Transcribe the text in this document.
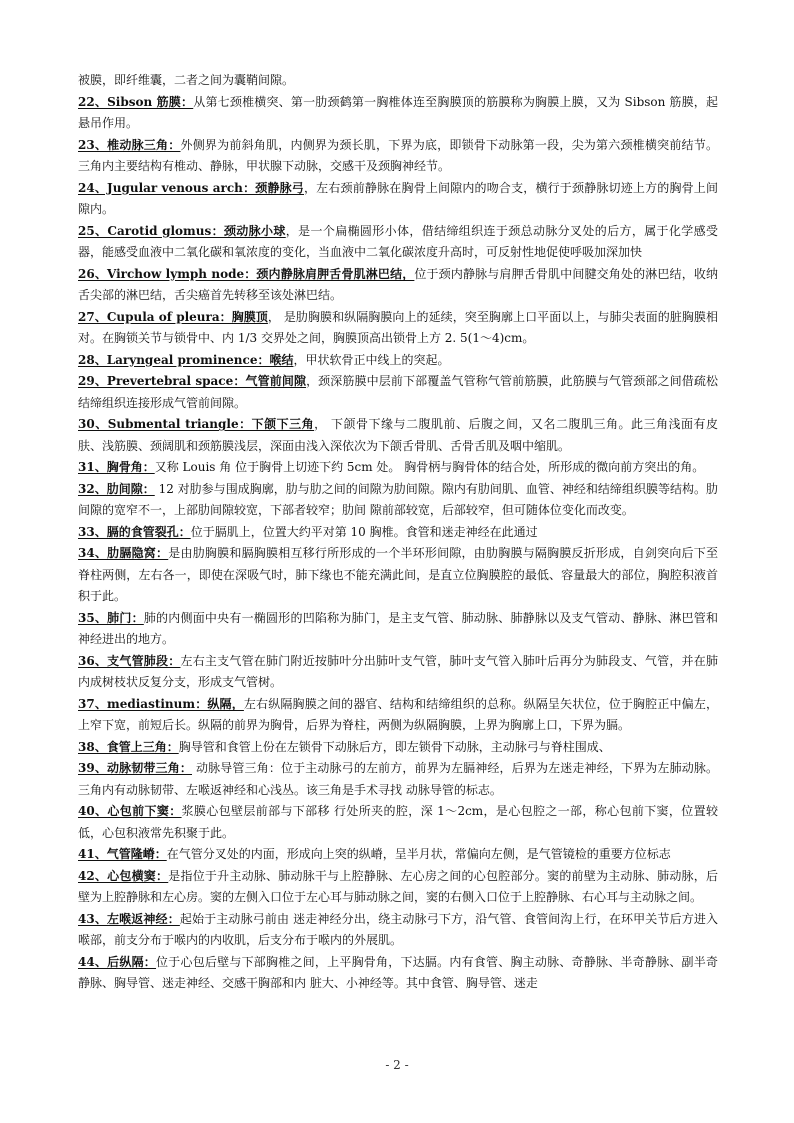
被膜，即纤维囊，二者之间为囊鞘间隙。

22、Sibson 筋膜：从第七颈椎横突、第一肋颈鹤第一胸椎体连至胸膜顶的筋膜称为胸膜上膜，又为 Sibson 筋膜，起悬吊作用。

23、椎动脉三角：外侧界为前斜角肌，内侧界为颈长肌，下界为底，即锁骨下动脉第一段，尖为第六颈椎横突前结节。三角内主要结构有椎动、静脉，甲状腺下动脉，交感干及颈胸神经节。

24、Jugular venous arch：颈静脉弓，左右颈前静脉在胸骨上间隙内的吻合支，横行于颈静脉切迹上方的胸骨上间隙内。

25、Carotid glomus：颈动脉小球，是一个扁椭圆形小体，借结缔组织连于颈总动脉分叉处的后方，属于化学感受器，能感受血液中二氧化碳和氧浓度的变化，当血液中二氧化碳浓度升高时，可反射性地促使呼吸加深加快

26、Virchow lymph node：颈内静脉肩胛舌骨肌淋巴结，位于颈内静脉与肩胛舌骨肌中间腱交角处的淋巴结，收纳舌尖部的淋巴结，舌尖癌首先转移至该处淋巴结。

27、Cupula of pleura：胸膜顶， 是肋胸膜和纵隔胸膜向上的延续，突至胸廓上口平面以上，与肺尖表面的脏胸膜相对。在胸锁关节与锁骨中、内 1/3 交界处之间，胸膜顶高出锁骨上方 2. 5(1～4)cm。

28、Laryngeal prominence：喉结，甲状软骨正中线上的突起。

29、Prevertebral space：气管前间隙，颈深筋膜中层前下部覆盖气管称气管前筋膜，此筋膜与气管颈部之间借疏松结缔组织连接形成气管前间隙。

30、Submental triangle：下颌下三角， 下颌骨下缘与二腹肌前、后腹之间，又名二腹肌三角。此三角浅面有皮肤、浅筋膜、颈阔肌和颈筋膜浅层，深面由浅入深依次为下颌舌骨肌、舌骨舌肌及咽中缩肌。

31、胸骨角：又称 Louis 角 位于胸骨上切迹下约 5cm 处。 胸骨柄与胸骨体的结合处，所形成的微向前方突出的角。

32、肋间隙： 12 对肋参与围成胸廓，肋与肋之间的间隙为肋间隙。隙内有肋间肌、血管、神经和结缔组织膜等结构。肋间隙的宽窄不一，上部肋间隙较宽，下部者较窄；肋间 隙前部较宽，后部较窄，但可随体位变化而改变。

33、膈的食管裂孔：位于膈肌上，位置大约平对第 10 胸椎。食管和迷走神经在此通过

34、肋膈隐窝：是由肋胸膜和膈胸膜相互移行所形成的一个半环形间隙，由肋胸膜与隔胸膜反折形成，自剑突向后下至脊柱两侧，左右各一，即使在深吸气时，肺下缘也不能充满此间，是直立位胸膜腔的最低、容量最大的部位，胸腔积液首积于此。

35、肺门：肺的内侧面中央有一椭圆形的凹陷称为肺门，是主支气管、肺动脉、肺静脉以及支气管动、静脉、淋巴管和神经进出的地方。

36、支气管肺段：左右主支气管在肺门附近按肺叶分出肺叶支气管，肺叶支气管入肺叶后再分为肺段支、气管，并在肺内成树枝状反复分支，形成支气管树。

37、mediastinum：纵隔，左右纵隔胸膜之间的器官、结构和结缔组织的总称。纵隔呈矢状位，位于胸腔正中偏左，上窄下宽，前短后长。纵隔的前界为胸骨，后界为脊柱，两侧为纵隔胸膜，上界为胸廓上口，下界为膈。

38、食管上三角：胸导管和食管上份在左锁骨下动脉后方，即左锁骨下动脉，主动脉弓与脊柱围成、

39、动脉韧带三角： 动脉导管三角：位于主动脉弓的左前方，前界为左膈神经，后界为左迷走神经，下界为左肺动脉。三角内有动脉韧带、左喉返神经和心浅丛。该三角是手术寻找 动脉导管的标志。

40、心包前下窦：浆膜心包壁层前部与下部移 行处所夹的腔，深 1～2cm，是心包腔之一部，称心包前下窦，位置较低，心包积液常先积聚于此。

41、气管隆嵴：在气管分叉处的内面，形成向上突的纵嵴，呈半月状，常偏向左侧，是气管镜检的重要方位标志

42、心包横窦：是指位于升主动脉、肺动脉干与上腔静脉、左心房之间的心包腔部分。窦的前壁为主动脉、肺动脉，后壁为上腔静脉和左心房。窦的左侧入口位于左心耳与肺动脉之间，窦的右侧入口位于上腔静脉、右心耳与主动脉之间。

43、左喉返神经：起始于主动脉弓前由 迷走神经分出，绕主动脉弓下方，沿气管、食管间沟上行，在环甲关节后方进入喉部，前支分布于喉内的内收肌，后支分布于喉内的外展肌。

44、后纵隔：位于心包后壁与下部胸椎之间，上平胸骨角，下达膈。内有食管、胸主动脉、奇静脉、半奇静脉、副半奇静脉、胸导管、迷走神经、交感干胸部和内 脏大、小神经等。其中食管、胸导管、迷走

- 2 -
